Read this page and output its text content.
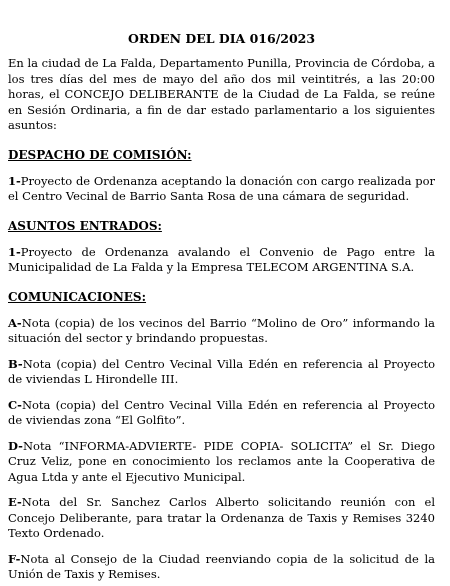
ORDEN DEL DIA 016/2023

En la ciudad de La Falda, Departamento Punilla, Provincia de Córdoba, a los tres días del mes de mayo del año dos mil veintitrés, a las 20:00 horas, el CONCEJO DELIBERANTE de la Ciudad de La Falda, se reúne en Sesión Ordinaria, a fin de dar estado parlamentario a los siguientes asuntos:

DESPACHO DE COMISIÓN:

1-Proyecto de Ordenanza aceptando la donación con cargo realizada por el Centro Vecinal de Barrio Santa Rosa de una cámara de seguridad.

ASUNTOS ENTRADOS:

1-Proyecto de Ordenanza avalando el Convenio de Pago entre la Municipalidad de La Falda y la Empresa TELECOM ARGENTINA S.A.

COMUNICACIONES:

A-Nota (copia) de los vecinos del Barrio “Molino de Oro” informando la situación del sector y brindando propuestas.

B-Nota (copia) del Centro Vecinal Villa Edén en referencia al Proyecto de viviendas L Hirondelle III.

C-Nota (copia) del Centro Vecinal Villa Edén en referencia al Proyecto de viviendas zona “El Golfito”.

D-Nota “INFORMA-ADVIERTE- PIDE COPIA- SOLICITA” el Sr. Diego Cruz Veliz, pone en conocimiento los reclamos ante la Cooperativa de Agua Ltda y ante el Ejecutivo Municipal.

E-Nota del Sr. Sanchez Carlos Alberto solicitando reunión con el Concejo Deliberante, para tratar la Ordenanza de Taxis y Remises 3240 Texto Ordenado.

F-Nota al Consejo de la Ciudad reenviando copia de la solicitud de la Unión de Taxis y Remises.
